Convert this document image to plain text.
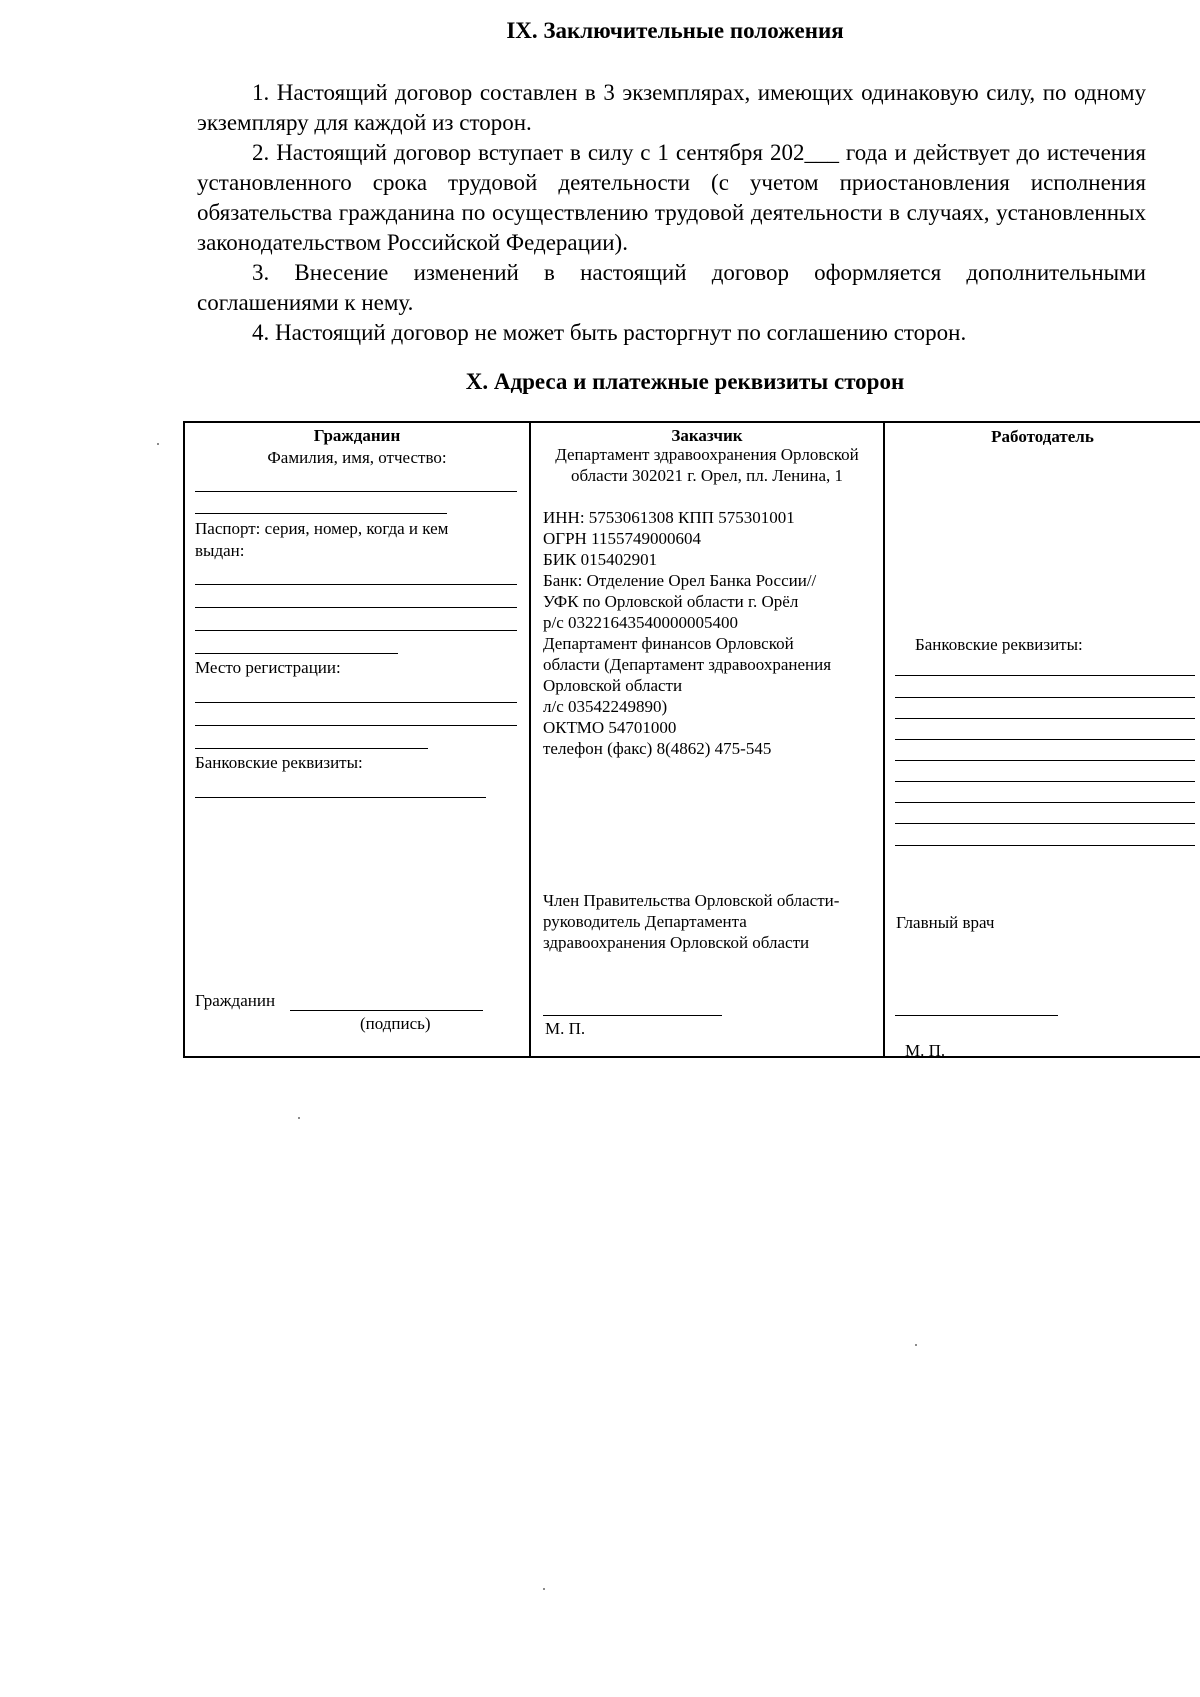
IX. Заключительные положения
1. Настоящий договор составлен в 3 экземплярах, имеющих одинаковую силу, по одному экземпляру для каждой из сторон.
2. Настоящий договор вступает в силу с 1 сентября 202___ года и действует до истечения установленного срока трудовой деятельности (с учетом приостановления исполнения обязательства гражданина по осуществлению трудовой деятельности в случаях, установленных законодательством Российской Федерации).
3. Внесение изменений в настоящий договор оформляется дополнительными соглашениями к нему.
4. Настоящий договор не может быть расторгнут по соглашению сторон.
X. Адреса и платежные реквизиты сторон
Гражданин
Фамилия, имя, отчество:
Паспорт: серия, номер, когда и кем
выдан:
Место регистрации:
Банковские реквизиты:
Гражданин
(подпись)
Заказчик
Департамент здравоохранения Орловской
области 302021 г. Орел, пл. Ленина, 1
ИНН: 5753061308 КПП 575301001
ОГРН 1155749000604
БИК 015402901
Банк: Отделение Орел Банка России//
УФК по Орловской области г. Орёл
р/с 03221643540000005400
Департамент финансов Орловской
области (Департамент здравоохранения
Орловской области
л/с 03542249890)
ОКТМО 54701000
телефон (факс) 8(4862) 475-545
Член Правительства Орловской области-
руководитель Департамента
здравоохранения Орловской области
М. П.
Работодатель
Банковские реквизиты:
Главный врач
М. П.
